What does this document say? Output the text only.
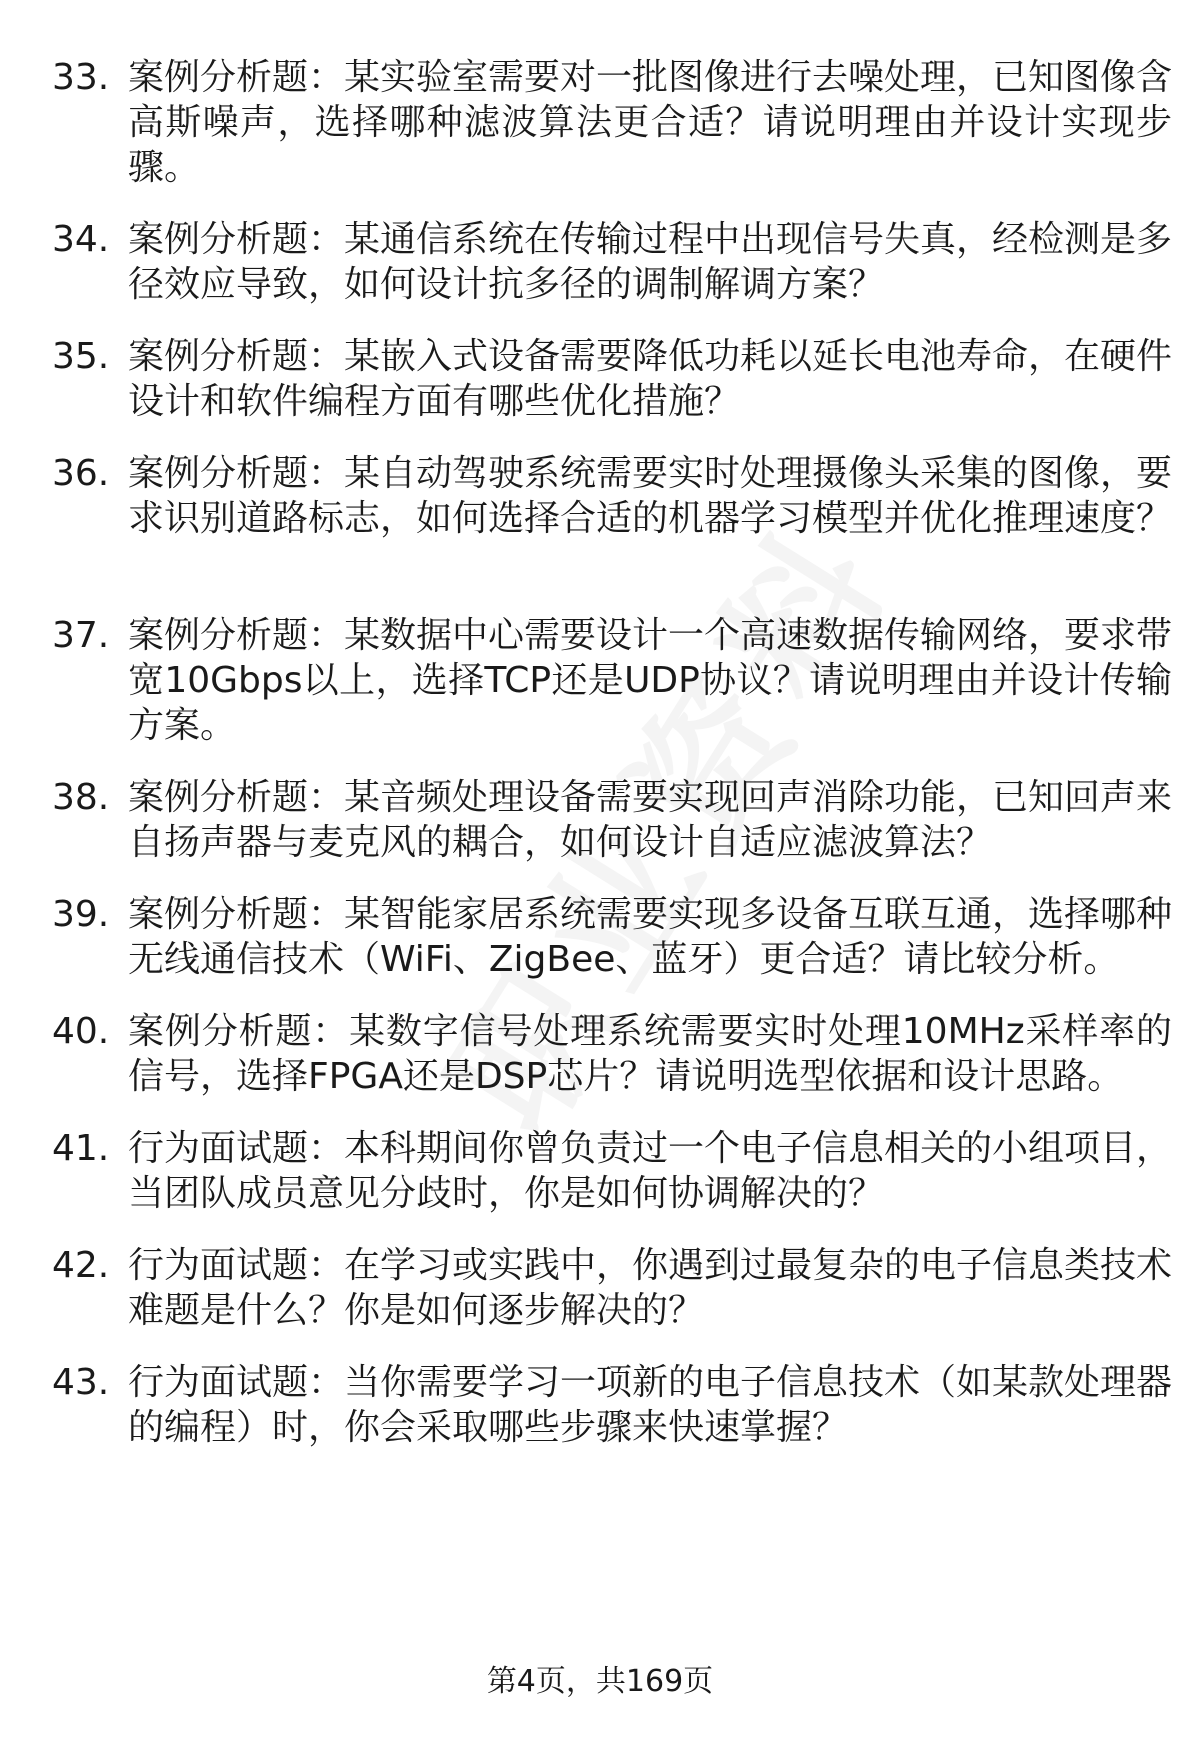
33. 案例分析题：某实验室需要对一批图像进行去噪处理，已知图像含高斯噪声，选择哪种滤波算法更合适？请说明理由并设计实现步骤。
34. 案例分析题：某通信系统在传输过程中出现信号失真，经检测是多径效应导致，如何设计抗多径的调制解调方案？
35. 案例分析题：某嵌入式设备需要降低功耗以延长电池寿命，在硬件设计和软件编程方面有哪些优化措施？
36. 案例分析题：某自动驾驶系统需要实时处理摄像头采集的图像，要求识别道路标志，如何选择合适的机器学习模型并优化推理速度？
37. 案例分析题：某数据中心需要设计一个高速数据传输网络，要求带宽10Gbps以上，选择TCP还是UDP协议？请说明理由并设计传输方案。
38. 案例分析题：某音频处理设备需要实现回声消除功能，已知回声来自扬声器与麦克风的耦合，如何设计自适应滤波算法？
39. 案例分析题：某智能家居系统需要实现多设备互联互通，选择哪种无线通信技术（WiFi、ZigBee、蓝牙）更合适？请比较分析。
40. 案例分析题：某数字信号处理系统需要实时处理10MHz采样率的信号，选择FPGA还是DSP芯片？请说明选型依据和设计思路。
41. 行为面试题：本科期间你曾负责过一个电子信息相关的小组项目，当团队成员意见分歧时，你是如何协调解决的？
42. 行为面试题：在学习或实践中，你遇到过最复杂的电子信息类技术难题是什么？你是如何逐步解决的？
43. 行为面试题：当你需要学习一项新的电子信息技术（如某款处理器的编程）时，你会采取哪些步骤来快速掌握？
第4页，共169页
